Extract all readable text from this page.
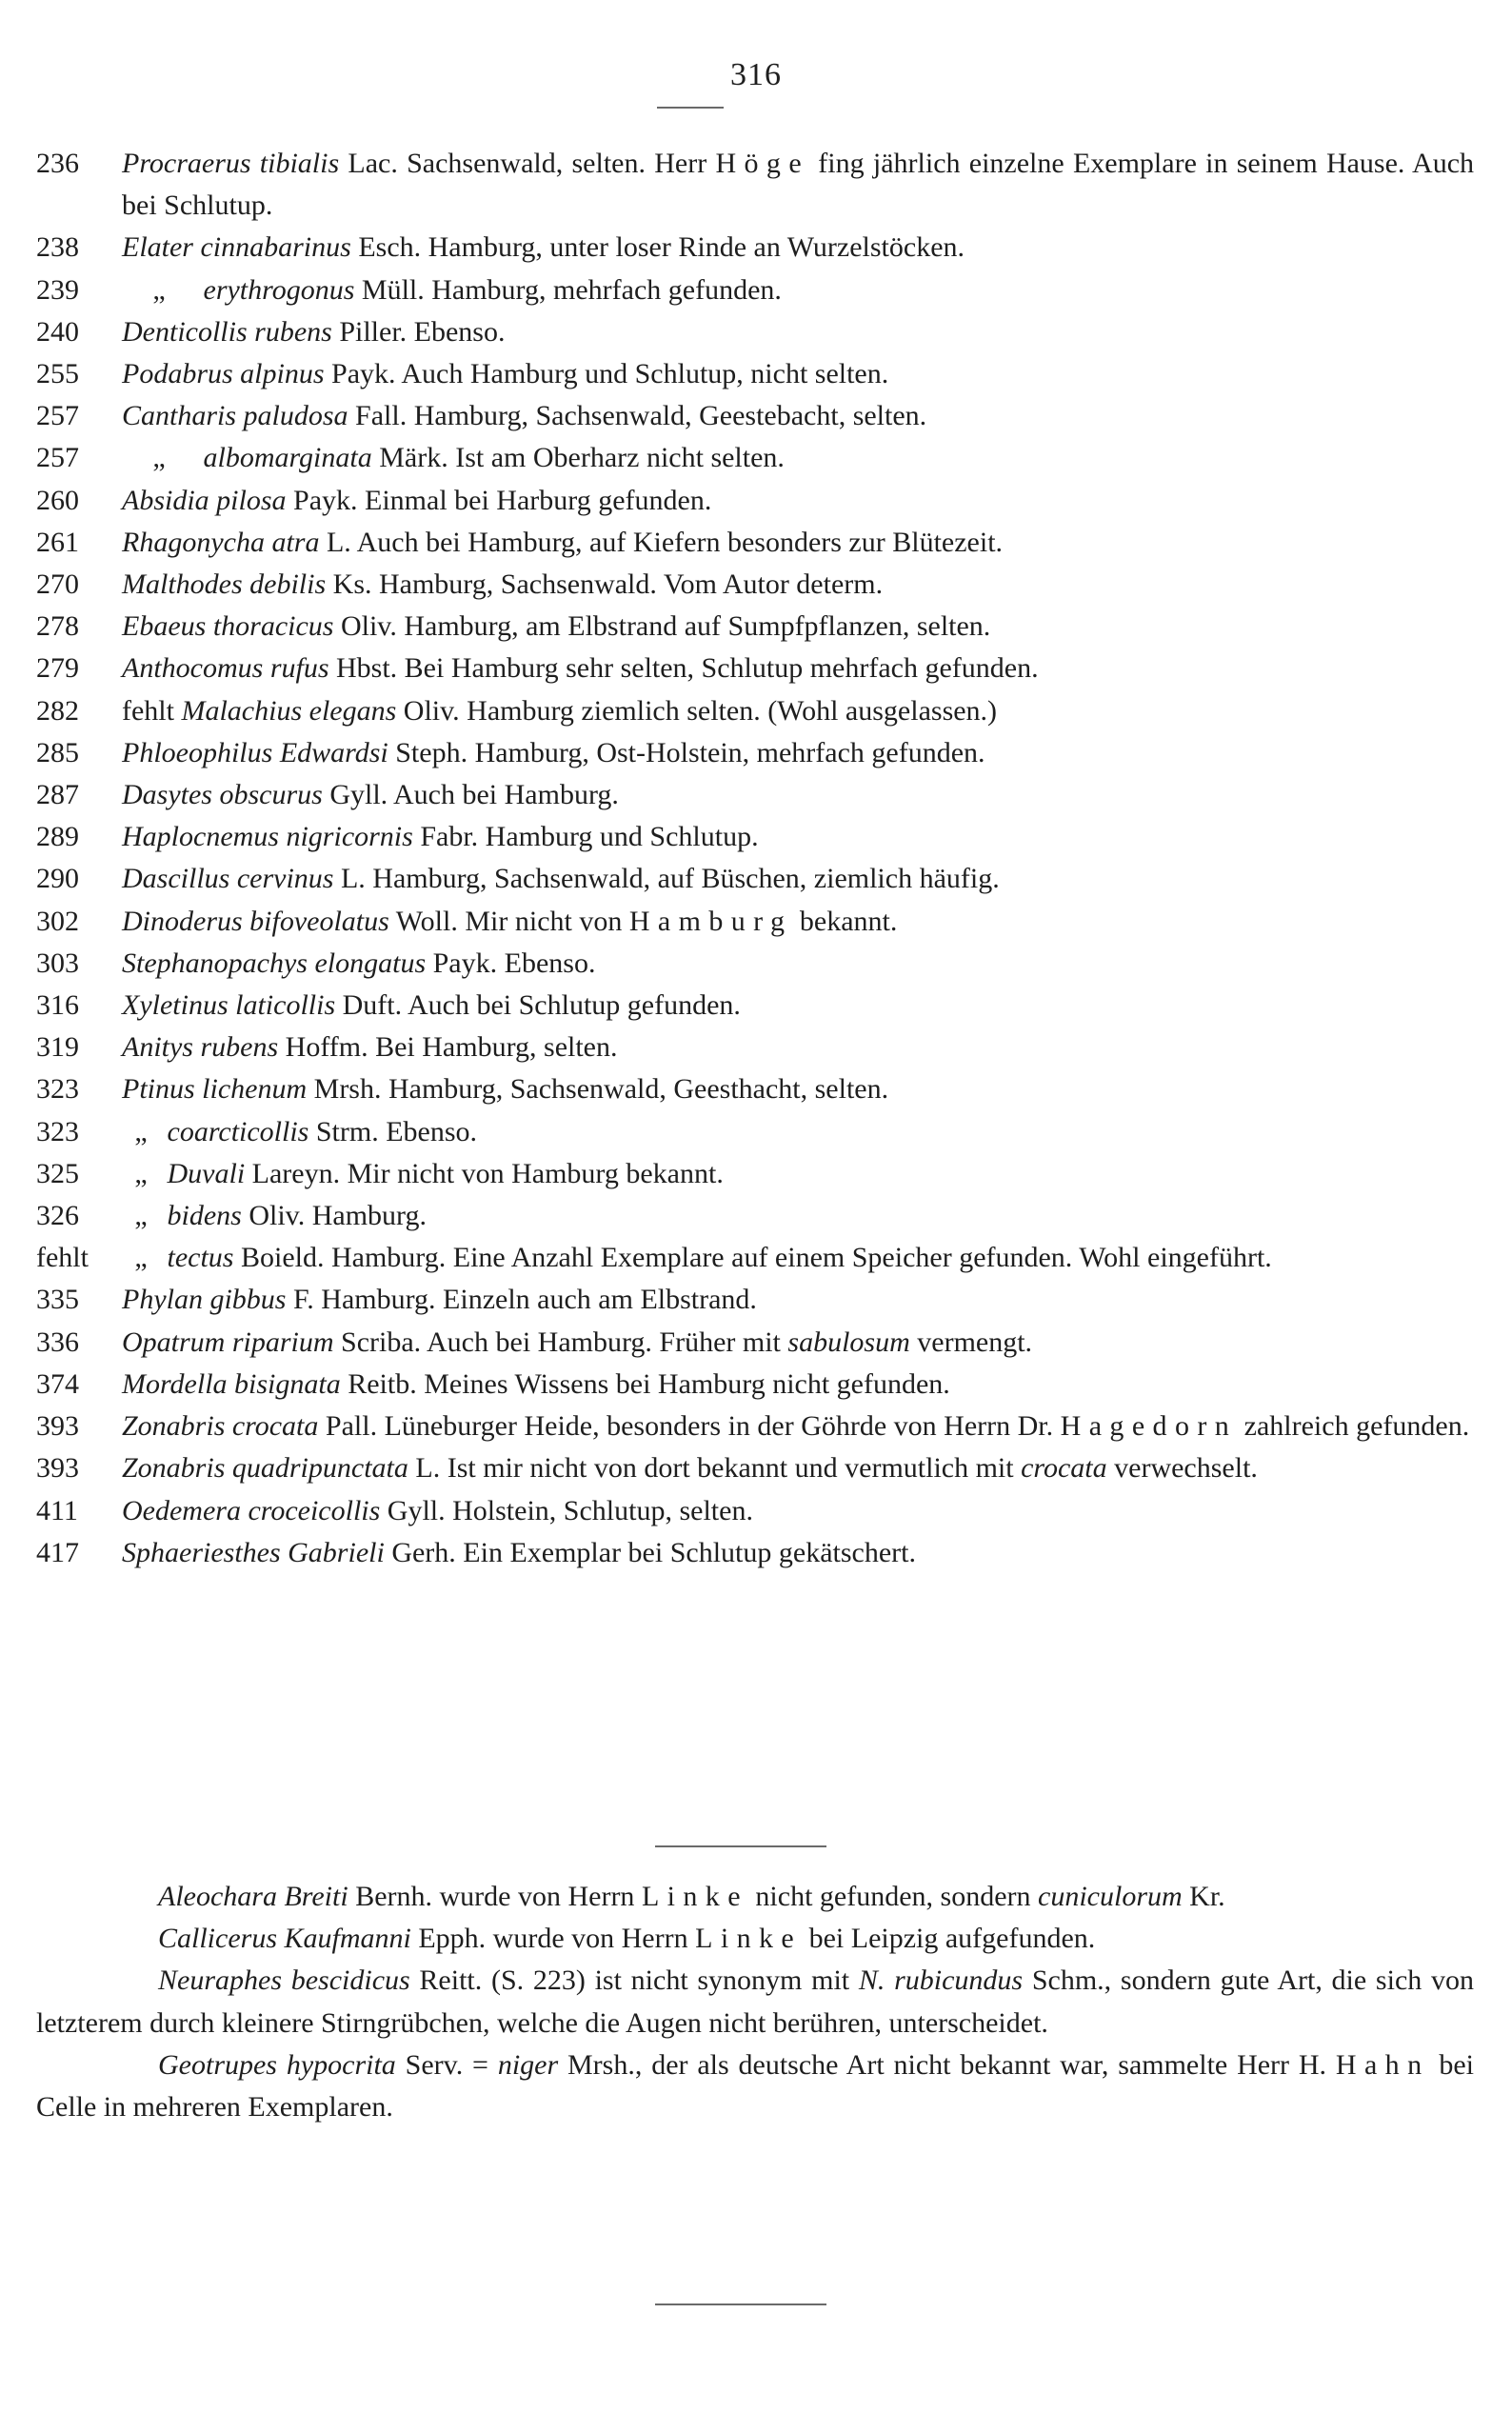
316
236	Procraerus tibialis Lac. Sachsenwald, selten. Herr Höge fing jährlich einzelne Exemplare in seinem Hause. Auch bei Schlutup.
238	Elater cinnabarinus Esch. Hamburg, unter loser Rinde an Wurzelstöcken.
239	„ erythrogonus Müll. Hamburg, mehrfach gefunden.
240	Denticollis rubens Piller. Ebenso.
255	Podabrus alpinus Payk. Auch Hamburg und Schlutup, nicht selten.
257	Cantharis paludosa Fall. Hamburg, Sachsenwald, Geestebacht, selten.
257	„ albomarginata Märk. Ist am Oberharz nicht selten.
260	Absidia pilosa Payk. Einmal bei Harburg gefunden.
261	Rhagonycha atra L. Auch bei Hamburg, auf Kiefern besonders zur Blütezeit.
270	Malthodes debilis Ks. Hamburg, Sachsenwald. Vom Autor determ.
278	Ebaeus thoracicus Oliv. Hamburg, am Elbstrand auf Sumpfpflanzen, selten.
279	Anthocomus rufus Hbst. Bei Hamburg sehr selten, Schlutup mehrfach gefunden.
282	fehlt Malachius elegans Oliv. Hamburg ziemlich selten. (Wohl ausgelassen.)
285	Phloeophilus Edwardsi Steph. Hamburg, Ost-Holstein, mehrfach gefunden.
287	Dasytes obscurus Gyll. Auch bei Hamburg.
289	Haplocnemus nigricornis Fabr. Hamburg und Schlutup.
290	Dascillus cervinus L. Hamburg, Sachsenwald, auf Büschen, ziemlich häufig.
302	Dinoderus bifoveolatus Woll. Mir nicht von Hamburg bekannt.
303	Stephanopachys elongatus Payk. Ebenso.
316	Xyletinus laticollis Duft. Auch bei Schlutup gefunden.
319	Anitys rubens Hoffm. Bei Hamburg, selten.
323	Ptinus lichenum Mrsh. Hamburg, Sachsenwald, Geesthacht, selten.
323	„ coarcticollis Strm. Ebenso.
325	„ Duvali Lareyn. Mir nicht von Hamburg bekannt.
326	„ bidens Oliv. Hamburg.
fehlt	„ tectus Boield. Hamburg. Eine Anzahl Exemplare auf einem Speicher gefunden. Wohl eingeführt.
335	Phylan gibbus F. Hamburg. Einzeln auch am Elbstrand.
336	Opatrum riparium Scriba. Auch bei Hamburg. Früher mit sabulosum vermengt.
374	Mordella bisignata Reitb. Meines Wissens bei Hamburg nicht gefunden.
393	Zonabris crocata Pall. Lüneburger Heide, besonders in der Göhrde von Herrn Dr. Hagedorn zahlreich gefunden.
393	Zonabris quadripunctata L. Ist mir nicht von dort bekannt und vermutlich mit crocata verwechselt.
411	Oedemera croceicollis Gyll. Holstein, Schlutup, selten.
417	Sphaeriesthes Gabrieli Gerh. Ein Exemplar bei Schlutup gekätschert.

Aleochara Breiti Bernh. wurde von Herrn Linke nicht gefunden, sondern cuniculorum Kr.

Callicerus Kaufmanni Epph. wurde von Herrn Linke bei Leipzig aufgefunden.

Neuraphes bescidicus Reitt. (S. 223) ist nicht synonym mit N. rubicundus Schm., sondern gute Art, die sich von letzterem durch kleinere Stirngrübchen, welche die Augen nicht berühren, unterscheidet.

Geotrupes hypocrita Serv. = niger Mrsh., der als deutsche Art nicht bekannt war, sammelte Herr H. Hahn bei Celle in mehreren Exemplaren.
